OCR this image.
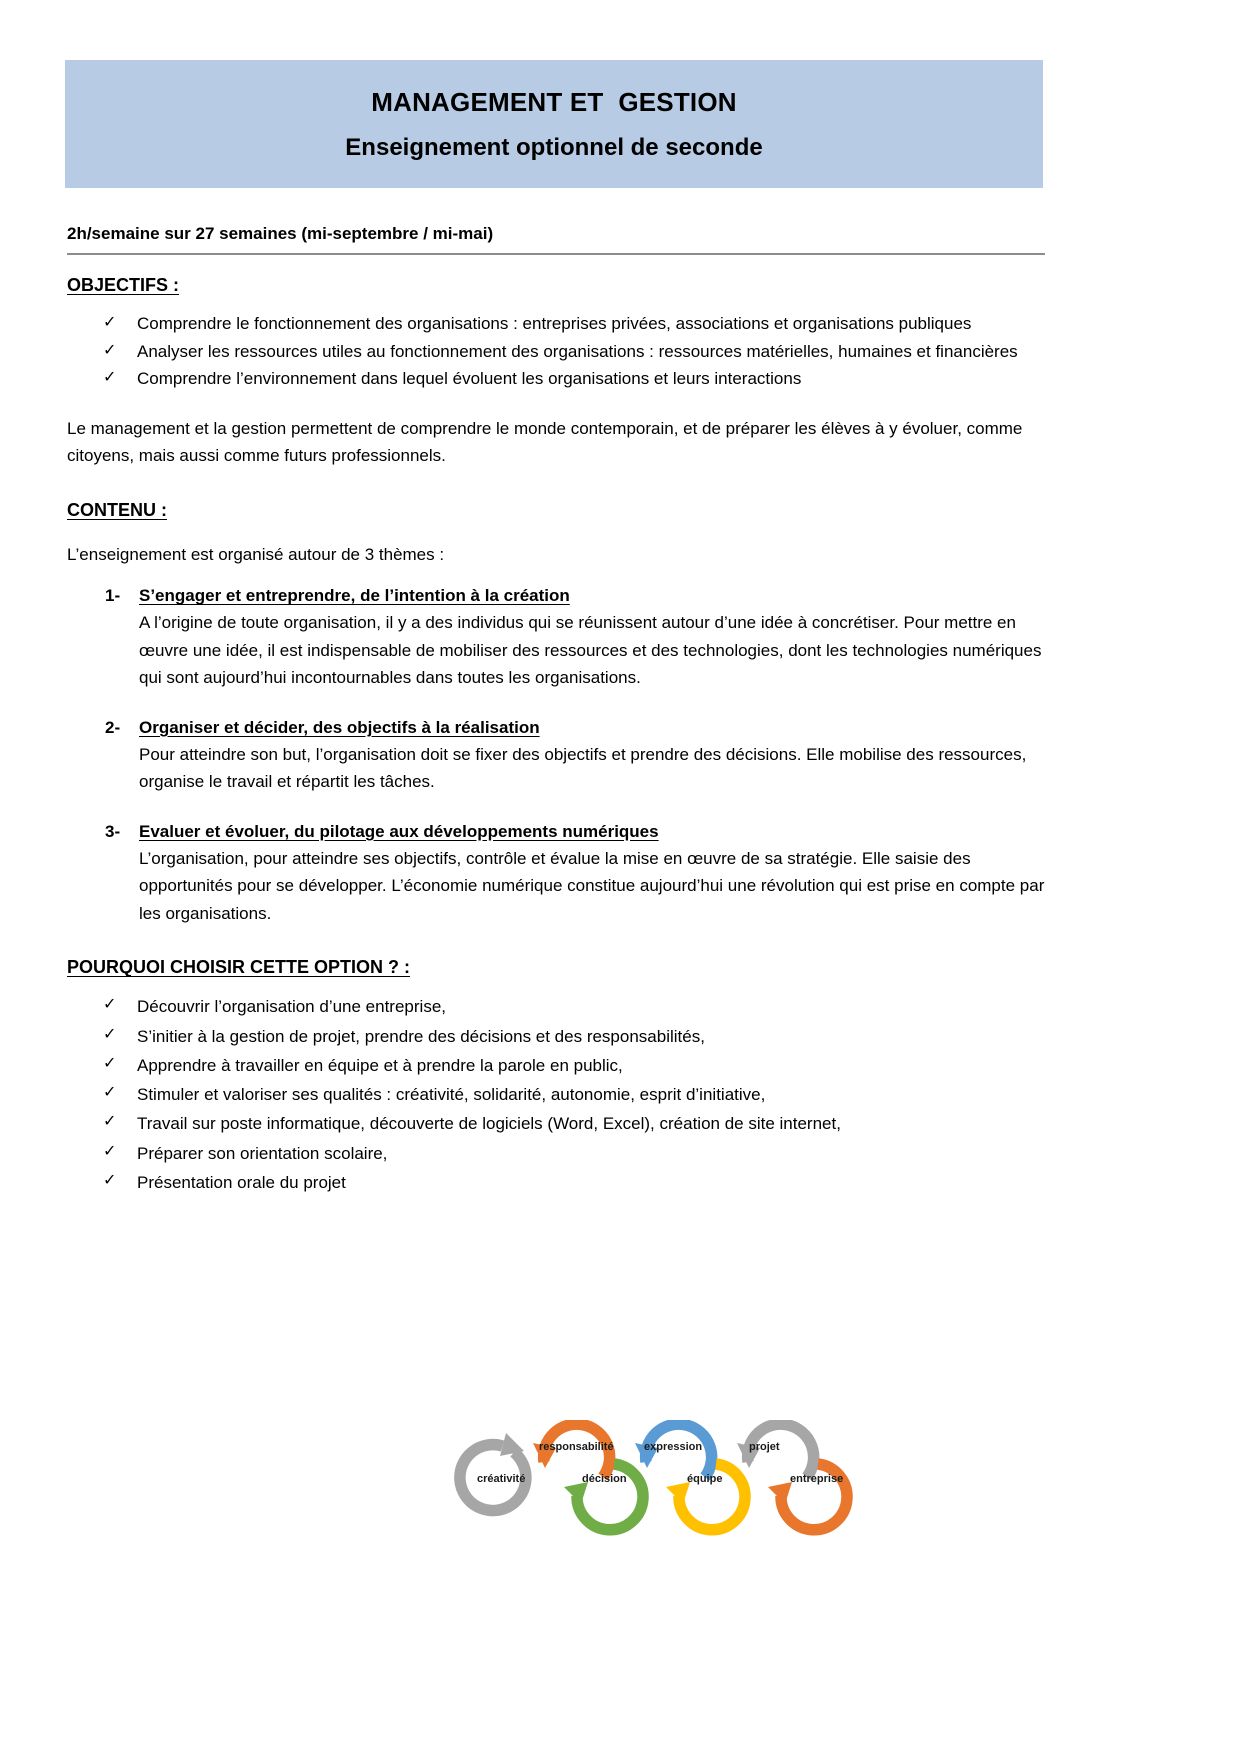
MANAGEMENT ET  GESTION
Enseignement optionnel de seconde
2h/semaine sur 27 semaines (mi-septembre / mi-mai)
OBJECTIFS :
✓ Comprendre le fonctionnement des organisations : entreprises privées, associations et organisations publiques
✓ Analyser les ressources utiles au fonctionnement des organisations : ressources matérielles, humaines et financières
✓ Comprendre l’environnement dans lequel évoluent les organisations et leurs interactions

Le management et la gestion permettent de comprendre le monde contemporain, et de préparer les élèves à y évoluer, comme citoyens, mais aussi comme futurs professionnels.

CONTENU :

L’enseignement est organisé autour de 3 thèmes :

1- S’engager et entreprendre, de l’intention à la création
A l’origine de toute organisation, il y a des individus qui se réunissent autour d’une idée à concrétiser. Pour mettre en œuvre une idée, il est indispensable de mobiliser des ressources et des technologies, dont les technologies numériques qui sont aujourd’hui incontournables dans toutes les organisations.
2- Organiser et décider, des objectifs à la réalisation
Pour atteindre son but, l’organisation doit se fixer des objectifs et prendre des décisions. Elle mobilise des ressources, organise le travail et répartit les tâches.
3- Evaluer et évoluer, du pilotage aux développements numériques
L’organisation, pour atteindre ses objectifs, contrôle et évalue la mise en œuvre de sa stratégie. Elle saisie des opportunités pour se développer. L’économie numérique constitue aujourd’hui une révolution qui est prise en compte par les organisations.
POURQUOI CHOISIR CETTE OPTION ? :
✓ Découvrir l’organisation d’une entreprise,
✓ S’initier à la gestion de projet, prendre des décisions et des responsabilités,
✓ Apprendre à travailler en équipe et à prendre la parole en public,
✓ Stimuler et valoriser ses qualités : créativité, solidarité, autonomie, esprit d’initiative,
✓ Travail sur poste informatique, découverte de logiciels (Word, Excel), création de site internet,
✓ Préparer son orientation scolaire,
✓ Présentation orale du projet
créativité
responsabilité
décision
expression
équipe
projet
entreprise
